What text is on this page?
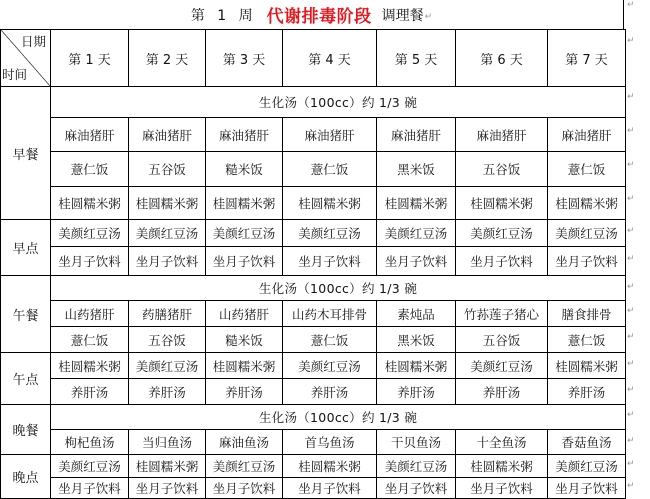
第 1 周 代谢排毒阶段 调理餐↵
↵
↵
↵
↵
↵
↵
↵
↵
↵
↵
↵
↵
↵
↵
↵
↵
↵
日期
时间	第 1 天	第 2 天	第 3 天	第 4 天	第 5 天	第 6 天	第 7 天
早餐	生化汤（100cc）约 1/3 碗						
	麻油猪肝	麻油猪肝	麻油猪肝	麻油猪肝	麻油猪肝	麻油猪肝	麻油猪肝
	薏仁饭	五谷饭	糙米饭	薏仁饭	黑米饭	五谷饭	薏仁饭
	桂圆糯米粥	桂圆糯米粥	桂圆糯米粥	桂圆糯米粥	桂圆糯米粥	桂圆糯米粥	桂圆糯米粥
早点	美颜红豆汤	美颜红豆汤	美颜红豆汤	美颜红豆汤	美颜红豆汤	美颜红豆汤	美颜红豆汤
	坐月子饮料	坐月子饮料	坐月子饮料	坐月子饮料	坐月子饮料	坐月子饮料	坐月子饮料
午餐	生化汤（100cc）约 1/3 碗						
	山药猪肝	药膳猪肝	山药猪肝	山药木耳排骨	素炖品	竹荪莲子猪心	膳食排骨
	薏仁饭	五谷饭	糙米饭	薏仁饭	黑米饭	五谷饭	薏仁饭
午点	桂圆糯米粥	美颜红豆汤	桂圆糯米粥	美颜红豆汤	桂圆糯米粥	美颜红豆汤	桂圆糯米粥
	养肝汤	养肝汤	养肝汤	养肝汤	养肝汤	养肝汤	养肝汤
晚餐	生化汤（100cc）约 1/3 碗						
	枸杞鱼汤	当归鱼汤	麻油鱼汤	首乌鱼汤	干贝鱼汤	十全鱼汤	香菇鱼汤
晚点	美颜红豆汤	桂圆糯米粥	美颜红豆汤	桂圆糯米粥	美颜红豆汤	桂圆糯米粥	美颜红豆汤
	坐月子饮料	坐月子饮料	坐月子饮料	坐月子饮料	坐月子饮料	坐月子饮料	坐月子饮料
